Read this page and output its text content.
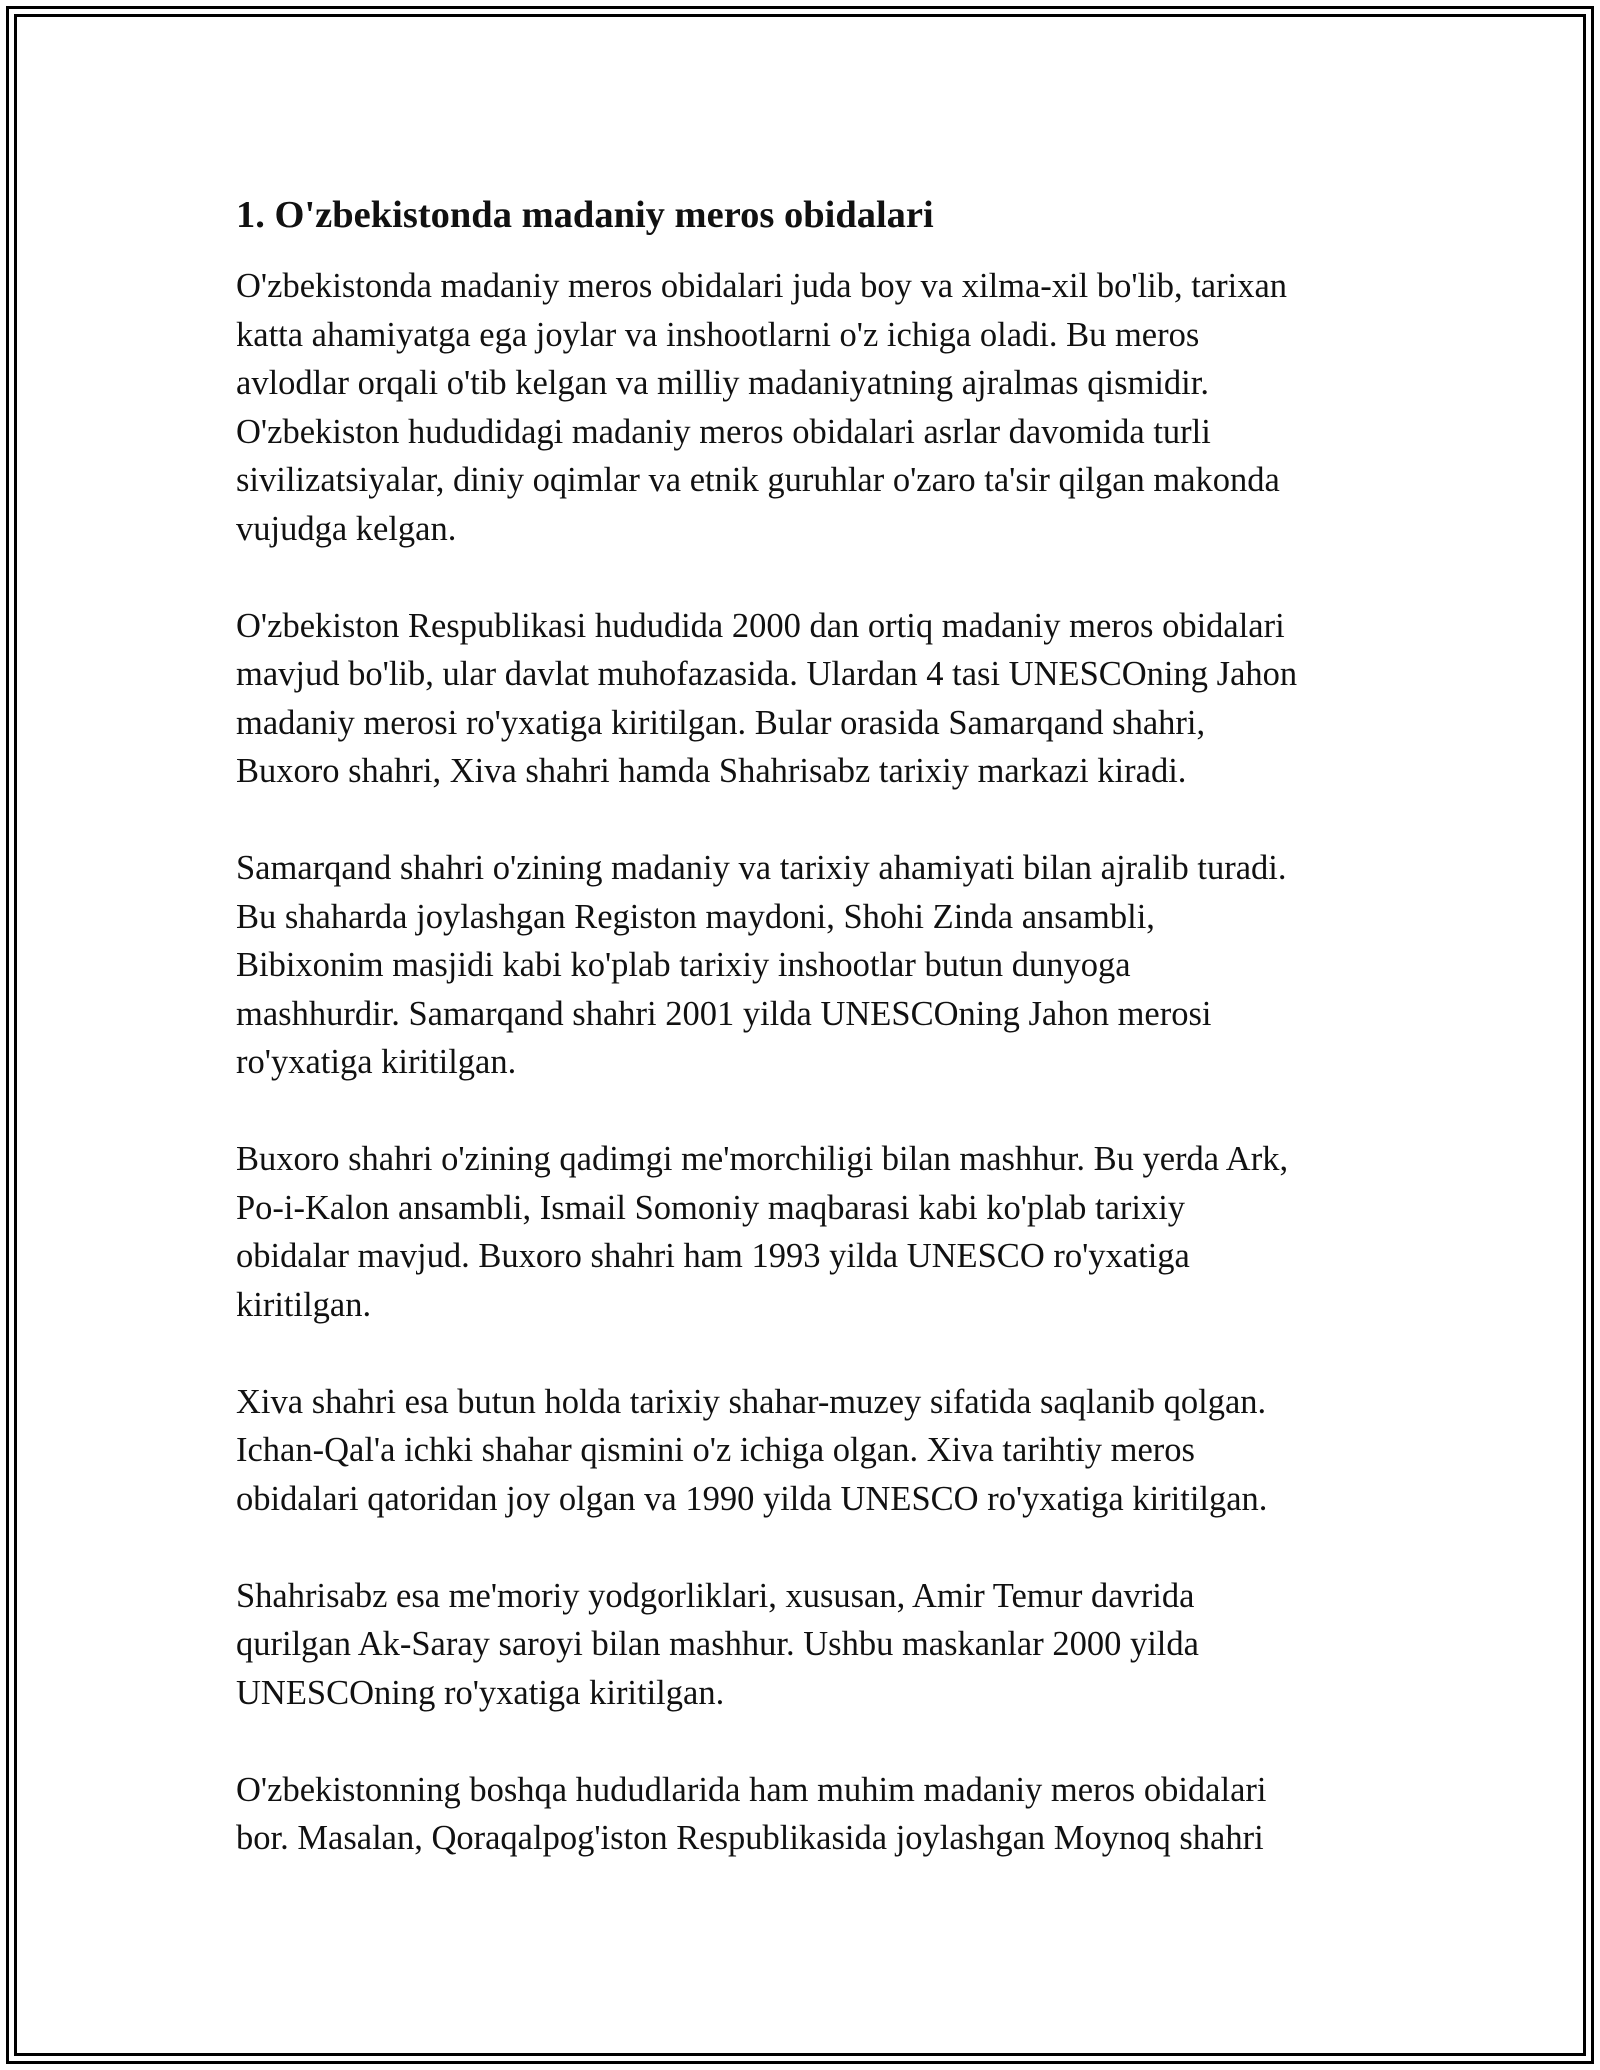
1. O'zbekistonda madaniy meros obidalari

O'zbekistonda madaniy meros obidalari juda boy va xilma-xil bo'lib, tarixan
katta ahamiyatga ega joylar va inshootlarni o'z ichiga oladi. Bu meros
avlodlar orqali o'tib kelgan va milliy madaniyatning ajralmas qismidir.
O'zbekiston hududidagi madaniy meros obidalari asrlar davomida turli
sivilizatsiyalar, diniy oqimlar va etnik guruhlar o'zaro ta'sir qilgan makonda
vujudga kelgan.

O'zbekiston Respublikasi hududida 2000 dan ortiq madaniy meros obidalari
mavjud bo'lib, ular davlat muhofazasida. Ulardan 4 tasi UNESCOning Jahon
madaniy merosi ro'yxatiga kiritilgan. Bular orasida Samarqand shahri,
Buxoro shahri, Xiva shahri hamda Shahrisabz tarixiy markazi kiradi.

Samarqand shahri o'zining madaniy va tarixiy ahamiyati bilan ajralib turadi.
Bu shaharda joylashgan Registon maydoni, Shohi Zinda ansambli,
Bibixonim masjidi kabi ko'plab tarixiy inshootlar butun dunyoga
mashhurdir. Samarqand shahri 2001 yilda UNESCOning Jahon merosi
ro'yxatiga kiritilgan.

Buxoro shahri o'zining qadimgi me'morchiligi bilan mashhur. Bu yerda Ark,
Po-i-Kalon ansambli, Ismail Somoniy maqbarasi kabi ko'plab tarixiy
obidalar mavjud. Buxoro shahri ham 1993 yilda UNESCO ro'yxatiga
kiritilgan.

Xiva shahri esa butun holda tarixiy shahar-muzey sifatida saqlanib qolgan.
Ichan-Qal'a ichki shahar qismini o'z ichiga olgan. Xiva tarihtiy meros
obidalari qatoridan joy olgan va 1990 yilda UNESCO ro'yxatiga kiritilgan.

Shahrisabz esa me'moriy yodgorliklari, xususan, Amir Temur davrida
qurilgan Ak-Saray saroyi bilan mashhur. Ushbu maskanlar 2000 yilda
UNESCOning ro'yxatiga kiritilgan.

O'zbekistonning boshqa hududlarida ham muhim madaniy meros obidalari
bor. Masalan, Qoraqalpog'iston Respublikasida joylashgan Moynoq shahri
